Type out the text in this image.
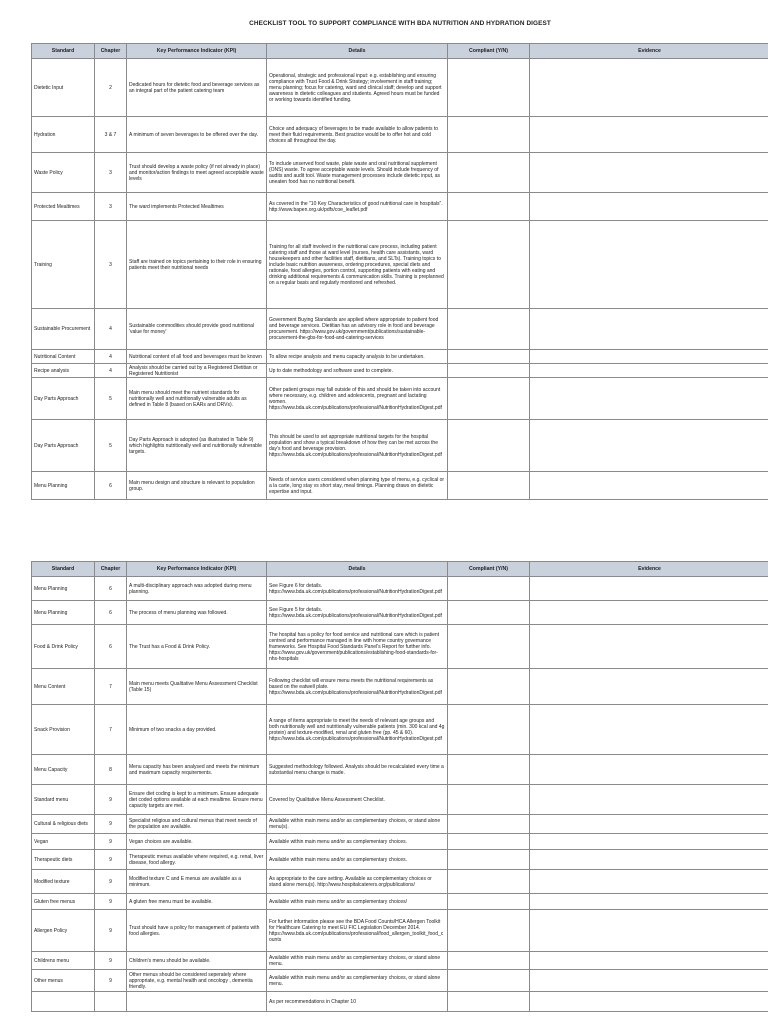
CHECKLIST TOOL TO SUPPORT COMPLIANCE WITH BDA NUTRITION AND HYDRATION DIGEST
Standard	Chapter	Key Performance Indicator (KPI)	Details	Compliant (Y/N)	Evidence
Dietetic Input	2	Dedicated hours for dietetic food and beverage services as an integral part of the patient catering team	Operational, strategic and professional input: e.g. establishing and ensuring compliance with Trust Food & Drink Strategy; involvement in staff training; menu planning; focus for catering, ward and clinical staff; develop and support awareness in dietetic colleagues and students. Agreed hours must be funded or working towards identified funding.		
Hydration	3 & 7	A minimum of seven beverages to be offered over the day.	Choice and adequacy of beverages to be made available to allow patients to meet their fluid requirements. Best practice would be to offer hot and cold choices all throughout the day.		
Waste Policy	3	Trust should develop a waste policy (if not already in place) and monitor/action findings to meet agreed acceptable waste levels	To include unserved food waste, plate waste and oral nutritional supplement (ONS) waste. To agree acceptable waste levels. Should include frequency of audits and audit tool. Waste management processes include dietetic input, as uneaten food has no nutritional benefit.		
Protected Mealtimes	3	The ward implements Protected Mealtimes	As covered in the "10 Key Characteristics of good nutritional care in hospitals". http://www.bapen.org.uk/pdfs/coe_leaflet.pdf		
Training	3	Staff are trained on topics pertaining to their role in ensuring patients meet their nutritional needs	Training for all staff involved in the nutritional care process, including patient catering staff and those at ward level (nurses, health care assistants, ward housekeepers and other facilities staff, dietitians, and SLTs). Training topics to include basic nutrition awareness, ordering procedures, special diets and rationale, food allergies, portion control, supporting patients with eating and drinking additional requirements & communication skills. Training is preplanned on a regular basis and regularly monitored and refreshed.		
Sustainable Procurement	4	Sustainable commodities should provide good nutritional 'value for money'	Government Buying Standards are applied where appropriate to patient food and beverage services. Dietitian has an advisory role in food and beverage procurement. https://www.gov.uk/government/publications/sustainable-procurement-the-gbs-for-food-and-catering-services		
Nutritional Content	4	Nutritional content of all food and beverages must be known	To allow recipe analysis and menu capacity analysis to be undertaken.		
Recipe analysis	4	Analysis should be carried out by a Registered Dietitian or Registered Nutritionist	Up to date methodology and software used to complete.		
Day Parts Approach	5	Main menu should meet the nutrient standards for nutritionally well and nutritionally vulnerable adults as defined in Table 8 (based on EARs and DRVs).	Other patient groups may fall outside of this and should be taken into account where necessary, e.g. children and adolescents, pregnant and lactating women. https://www.bda.uk.com/publications/professional/NutritionHydrationDigest.pdf		
Day Parts Approach	5	Day Parts Approach is adopted (as illustrated in Table 9) which highlights nutritionally well and nutritionally vulnerable targets.	This should be used to set appropriate nutritional targets for the hospital population and show a typical breakdown of how they can be met across the day's food and beverage provision. https://www.bda.uk.com/publications/professional/NutritionHydrationDigest.pdf		
Menu Planning	6	Main menu design and structure is relevant to population group.	Needs of service users considered when planning type of menu, e.g. cyclical or a la carte, long stay vs short stay, meal timings. Planning draws on dietetic expertise and input.		
Standard	Chapter	Key Performance Indicator (KPI)	Details	Compliant (Y/N)	Evidence
Menu Planning	6	A multi-disciplinary approach was adopted during menu planning.	See Figure 6 for details. https://www.bda.uk.com/publications/professional/NutritionHydrationDigest.pdf		
Menu Planning	6	The process of menu planning was followed.	See Figure 5 for details. https://www.bda.uk.com/publications/professional/NutritionHydrationDigest.pdf		
Food & Drink Policy	6	The Trust has a Food & Drink Policy.	The hospital has a policy for food service and nutritional care which is patient centred and performance managed in line with home country governance frameworks. See Hospital Food Standards Panel's Report for further info. https://www.gov.uk/government/publications/establishing-food-standards-for-nhs-hospitals		
Menu Content	7	Main menu meets Qualitative Menu Assessment Checklist (Table 15)	Following checklist will ensure menu meets the nutritional requirements as based on the eatwell plate. https://www.bda.uk.com/publications/professional/NutritionHydrationDigest.pdf		
Snack Provision	7	Minimum of two snacks a day provided.	A range of items appropriate to meet the needs of relevant age groups and both nutritionally well and nutritionally vulnerable patients (min. 300 kcal and 4g protein) and texture-modified, renal and gluten free (pp. 45 & 60). https://www.bda.uk.com/publications/professional/NutritionHydrationDigest.pdf		
Menu Capacity	8	Menu capacity has been analysed and meets the minimum and maximum capacity requirements.	Suggested methodology followed. Analysis should be recalculated every time a substantial menu change is made.		
Standard menu	9	Ensure diet coding is kept to a minimum. Ensure adequate diet coded options available at each mealtime. Ensure menu capacity targets are met.	Covered by Qualitative Menu Assessment Checklist.		
Cultural & religious diets	9	Specialist religious and cultural menus that meet needs of the population are available.	Available within main menu and/or as complementary choices, or stand alone menu(s).		
Vegan	9	Vegan choices are available.	Available within main menu and/or as complementary choices.		
Therapeutic diets	9	Therapeutic menus available where required, e.g. renal, liver disease, food allergy.	Available within main menu and/or as complementary choices.		
Modified texture	9	Modified texture C and E menus are available as a minimum.	As appropriate to the care setting. Available as complementary choices or stand alone menu(s). http://www.hospitalcaterers.org/publications/		
Gluten free menus	9	A gluten free menu must be available.	Available within main menu and/or as complementary choices/		
Allergen Policy	9	Trust should have a policy for management of patients with food allergies.	For further information please see the BDA Food Counts/HCA Allergen Toolkit for Healthcare Catering to meet EU FIC Legislation December 2014. https://www.bda.uk.com/publications/professional/food_allergen_toolkit_food_counts		
Childrens menu	9	Children's menu should be available.	Available within main menu and/or as complementary choices, or stand alone menu.		
Other menus	9	Other menus should be considered seperately where appropriate, e.g. mental health and oncology , dementia friendly.	Available within main menu and/or as complementary choices, or stand alone menu.		
			As per recommendations in Chapter 10		
